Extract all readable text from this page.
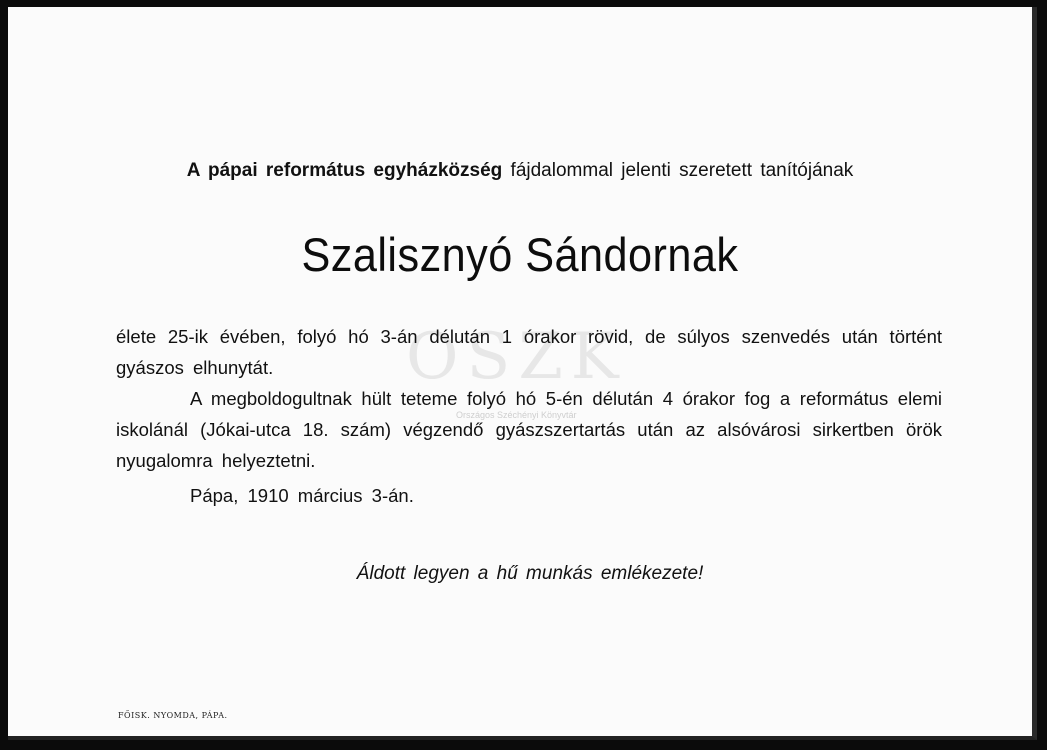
OSZK
Országos Széchényi Könyvtár
A pápai református egyházközség fájdalommal jelenti szeretett tanítójának
Szalisznyó Sándornak

élete 25-ik évében, folyó hó 3-án délután 1 órakor rövid, de súlyos szenvedés után történt gyászos elhunytát.

A megboldogultnak hült teteme folyó hó 5-én délután 4 órakor fog a református elemi iskolánál (Jókai-utca 18. szám) végzendő gyászszertartás után az alsóvárosi sirkertben örök nyugalomra helyeztetni.

Pápa, 1910 március 3-án.
Áldott legyen a hű munkás emlékezete!
FŐISK. NYOMDA, PÁPA.
